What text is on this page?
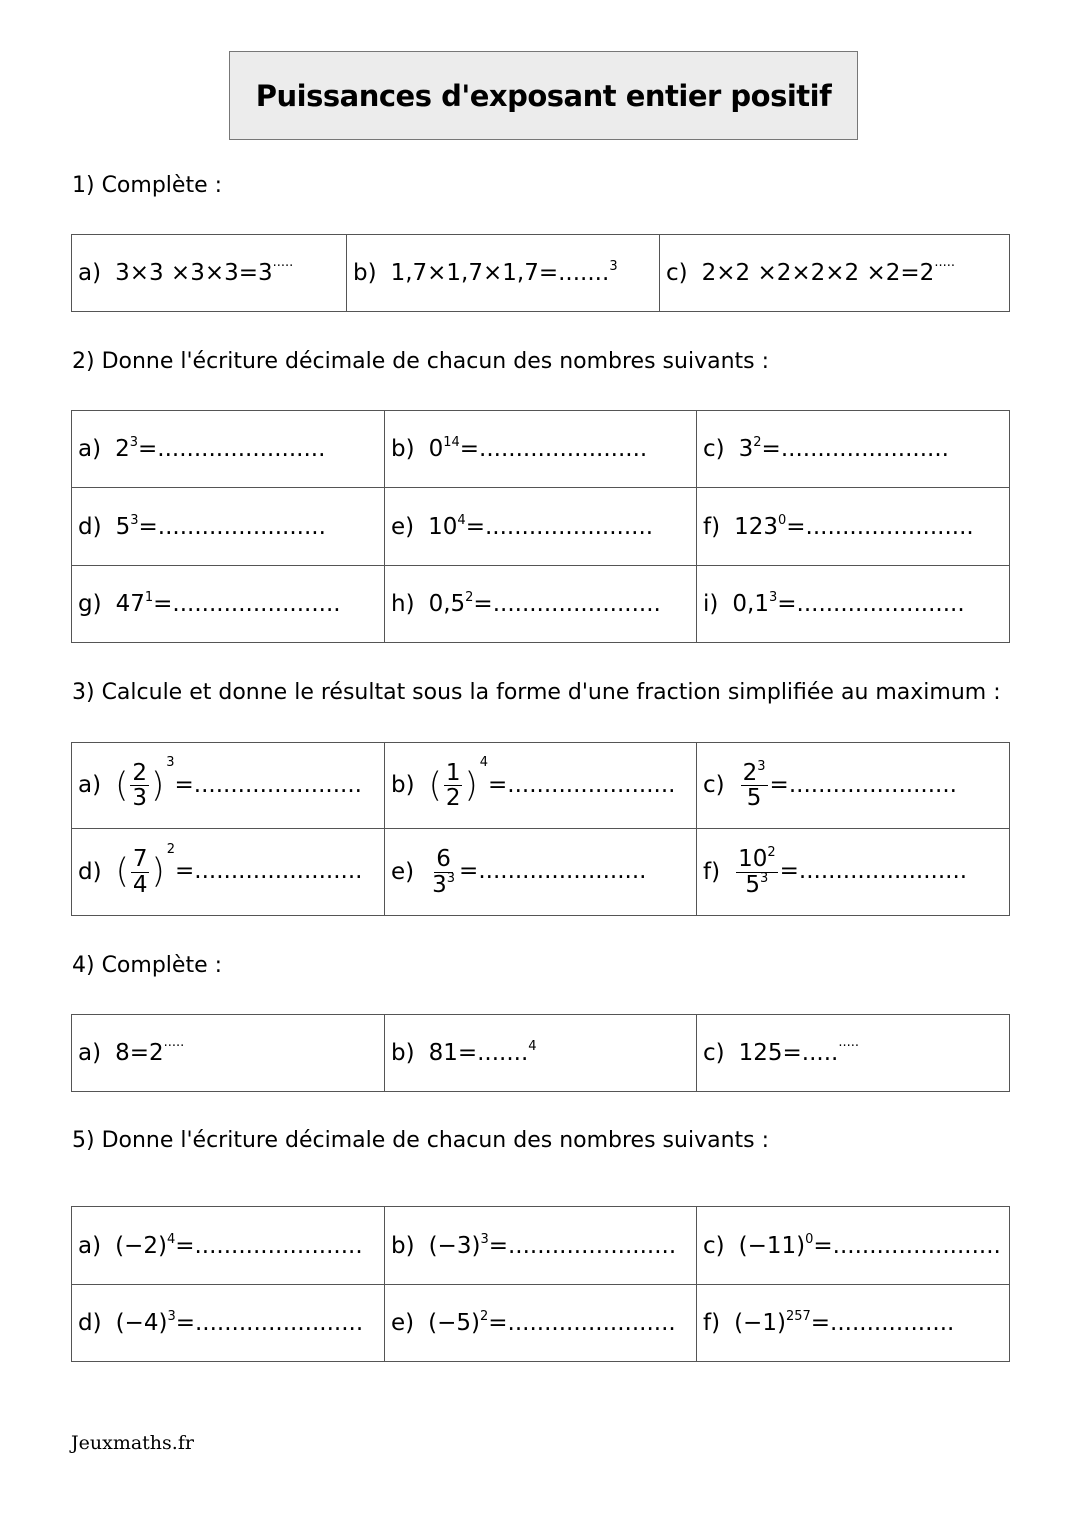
Puissances d'exposant entier positif
1) Complète :
a) 3×3 ×3×3=3·····	b) 1,7×1,7×1,7=.......$^3$	c) 2×2 ×2×2×2 ×2=2·····
2) Donne l'écriture décimale de chacun des nombres suivants :
a) $2^3=$.......................	b) $0^{14}=$.......................	c) $3^2=$.......................
d) $5^3=$.......................	e) $10^4=$.......................	f) $123^0=$.......................
g) $47^1=$.......................	h) $0,5^2=$.......................	i) $0,1^3=$.......................
3) Calcule et donne le résultat sous la forme d'une fraction simplifiée au maximum :
a) ( $\frac{2}{3} )^3=$.......................	b) ( $\frac{1}{2} )^4=$.......................	$c) \frac{2^3}{5}$ =.......................
d) ( $\frac{7}{4} )^2=$.......................	$e) \frac{6}{3^3}$ =.......................	$f) \frac{10^2}{5^3}$ =.......................
4) Complète :
a) 8=2·····	b) 81=.......$^4$	c) 125=.....·····
5) Donne l'écriture décimale de chacun des nombres suivants :
a) $(-2)^4=$.......................	b) $(-3)^3=$.......................	c) $(-11)^0=$.......................
d) $(-4)^3=$.......................	e) $(-5)^2=$.......................	f) $(-1)^{257}=$.................
Jeuxmaths.fr
